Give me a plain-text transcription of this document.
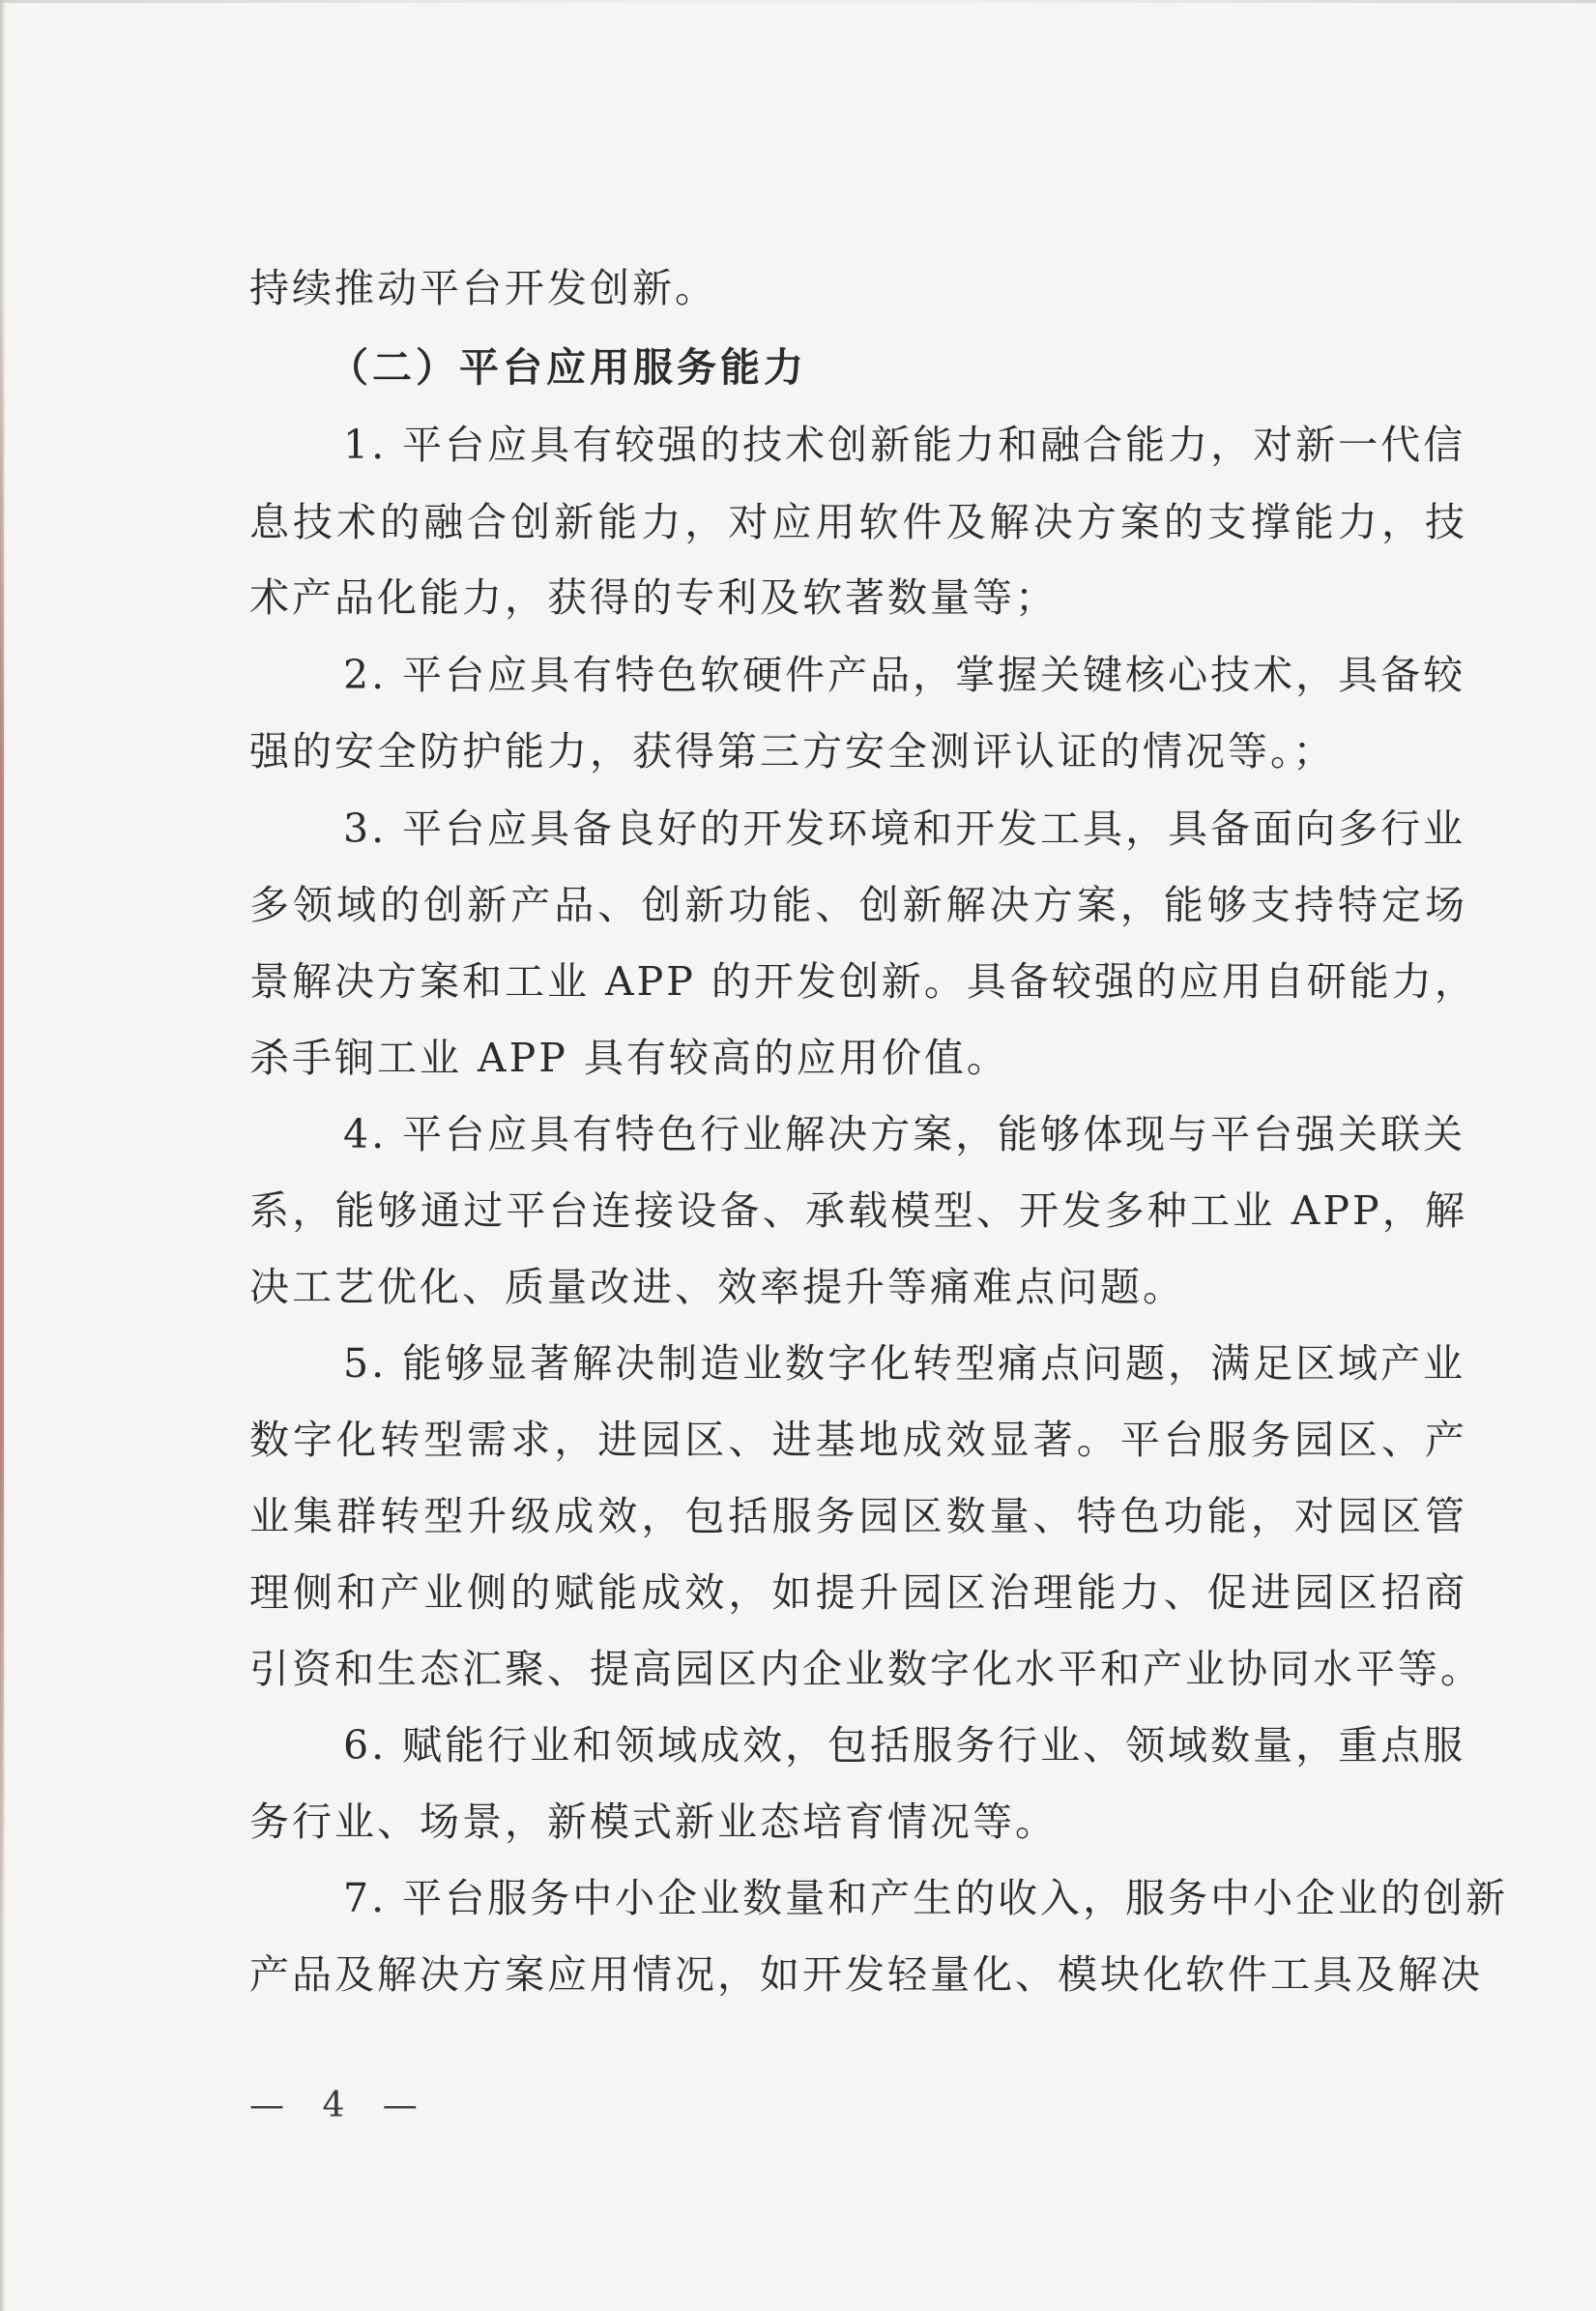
持续推动平台开发创新。
（二）平台应用服务能力
1. 平台应具有较强的技术创新能力和融合能力，对新一代信
息技术的融合创新能力，对应用软件及解决方案的支撑能力，技
术产品化能力，获得的专利及软著数量等；
2. 平台应具有特色软硬件产品，掌握关键核心技术，具备较
强的安全防护能力，获得第三方安全测评认证的情况等。；
3. 平台应具备良好的开发环境和开发工具，具备面向多行业
多领域的创新产品、创新功能、创新解决方案，能够支持特定场
景解决方案和工业 APP 的开发创新。具备较强的应用自研能力，
杀手锏工业 APP 具有较高的应用价值。
4. 平台应具有特色行业解决方案，能够体现与平台强关联关
系，能够通过平台连接设备、承载模型、开发多种工业 APP，解
决工艺优化、质量改进、效率提升等痛难点问题。
5. 能够显著解决制造业数字化转型痛点问题，满足区域产业
数字化转型需求，进园区、进基地成效显著。平台服务园区、产
业集群转型升级成效，包括服务园区数量、特色功能，对园区管
理侧和产业侧的赋能成效，如提升园区治理能力、促进园区招商
引资和生态汇聚、提高园区内企业数字化水平和产业协同水平等。
6. 赋能行业和领域成效，包括服务行业、领域数量，重点服
务行业、场景，新模式新业态培育情况等。
7. 平台服务中小企业数量和产生的收入，服务中小企业的创新
产品及解决方案应用情况，如开发轻量化、模块化软件工具及解决
— 4 —
